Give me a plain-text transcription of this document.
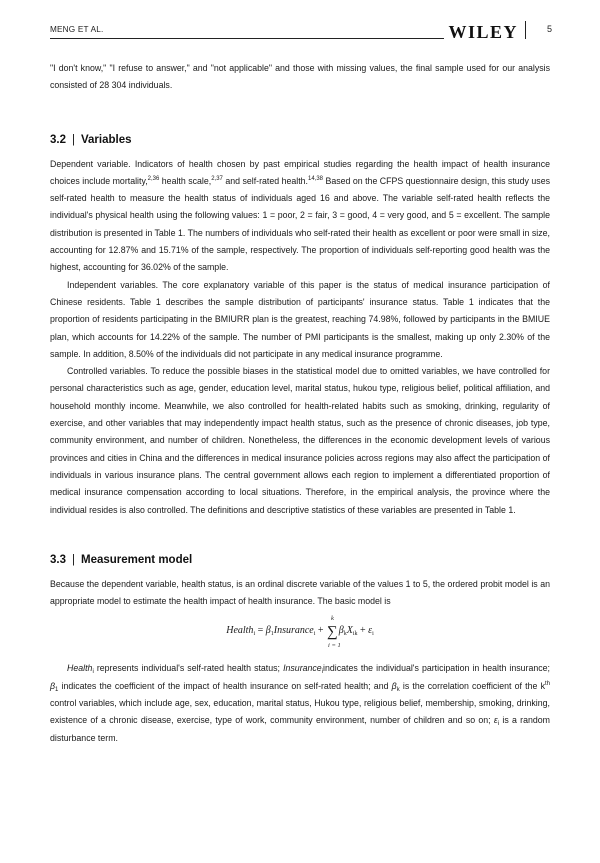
MENG ET AL.	WILEY	5

"I don't know," "I refuse to answer," and "not applicable" and those with missing values, the final sample used for our analysis consisted of 28 304 individuals.

3.2 | Variables

Dependent variable. Indicators of health chosen by past empirical studies regarding the health impact of health insurance choices include mortality,$^{2,36}$ health scale,$^{2,37}$ and self-rated health.$^{14,38}$ Based on the CFPS questionnaire design, this study uses self-rated health to measure the health status of individuals aged 16 and above. The variable self-rated health reflects the individual's physical health using the following values: 1 = poor, 2 = fair, 3 = good, 4 = very good, and 5 = excellent. The sample distribution is presented in Table 1. The numbers of individuals who self-rated their health as excellent or poor were small in size, accounting for 12.87% and 15.71% of the sample, respectively. The proportion of individuals self-reporting good health was the highest, accounting for 36.02% of the sample.

Independent variables. The core explanatory variable of this paper is the status of medical insurance participation of Chinese residents. Table 1 describes the sample distribution of participants' insurance status. Table 1 indicates that the proportion of residents participating in the BMIURR plan is the greatest, reaching 74.98%, followed by participants in the BMIUE plan, which accounts for 14.22% of the sample. The number of PMI participants is the smallest, making up only 2.30% of the sample. In addition, 8.50% of the individuals did not participate in any medical insurance programme.

Controlled variables. To reduce the possible biases in the statistical model due to omitted variables, we have controlled for personal characteristics such as age, gender, education level, marital status, hukou type, religious belief, political affiliation, and household monthly income. Meanwhile, we also controlled for health-related habits such as smoking, drinking, regularity of exercise, and other variables that may independently impact health status, such as the presence of chronic diseases, job type, community environment, and number of children. Nonetheless, the differences in the economic development levels of various provinces and cities in China and the differences in medical insurance policies across regions may also affect the participation of individuals in various insurance plans. The central government allows each region to implement a differentiated proportion of medical insurance compensation according to local situations. Therefore, in the empirical analysis, the province where the individual resides is also controlled. The definitions and descriptive statistics of these variables are presented in Table 1.

3.3 | Measurement model

Because the dependent variable, health status, is an ordinal discrete variable of the values 1 to 5, the ordered probit model is an appropriate model to estimate the health impact of health insurance. The basic model is

Health$_i$ = $\beta_1Insurance_i$ +
k
∑
i = 1
$\beta_kX_{ik} + \varepsilon_i$

Health$_i$ represents individual's self-rated health status; Insurance$_i$indicates the individual's participation in health insurance; $\beta_1$ indicates the coefficient of the impact of health insurance on self-rated health; and $\beta_k$ is the correlation coefficient of the $k^{th}$ control variables, which include age, sex, education, marital status, Hukou type, religious belief, membership, smoking, drinking, existence of a chronic disease, exercise, type of work, community environment, number of children and so on; $\varepsilon_i$ is a random disturbance term.
